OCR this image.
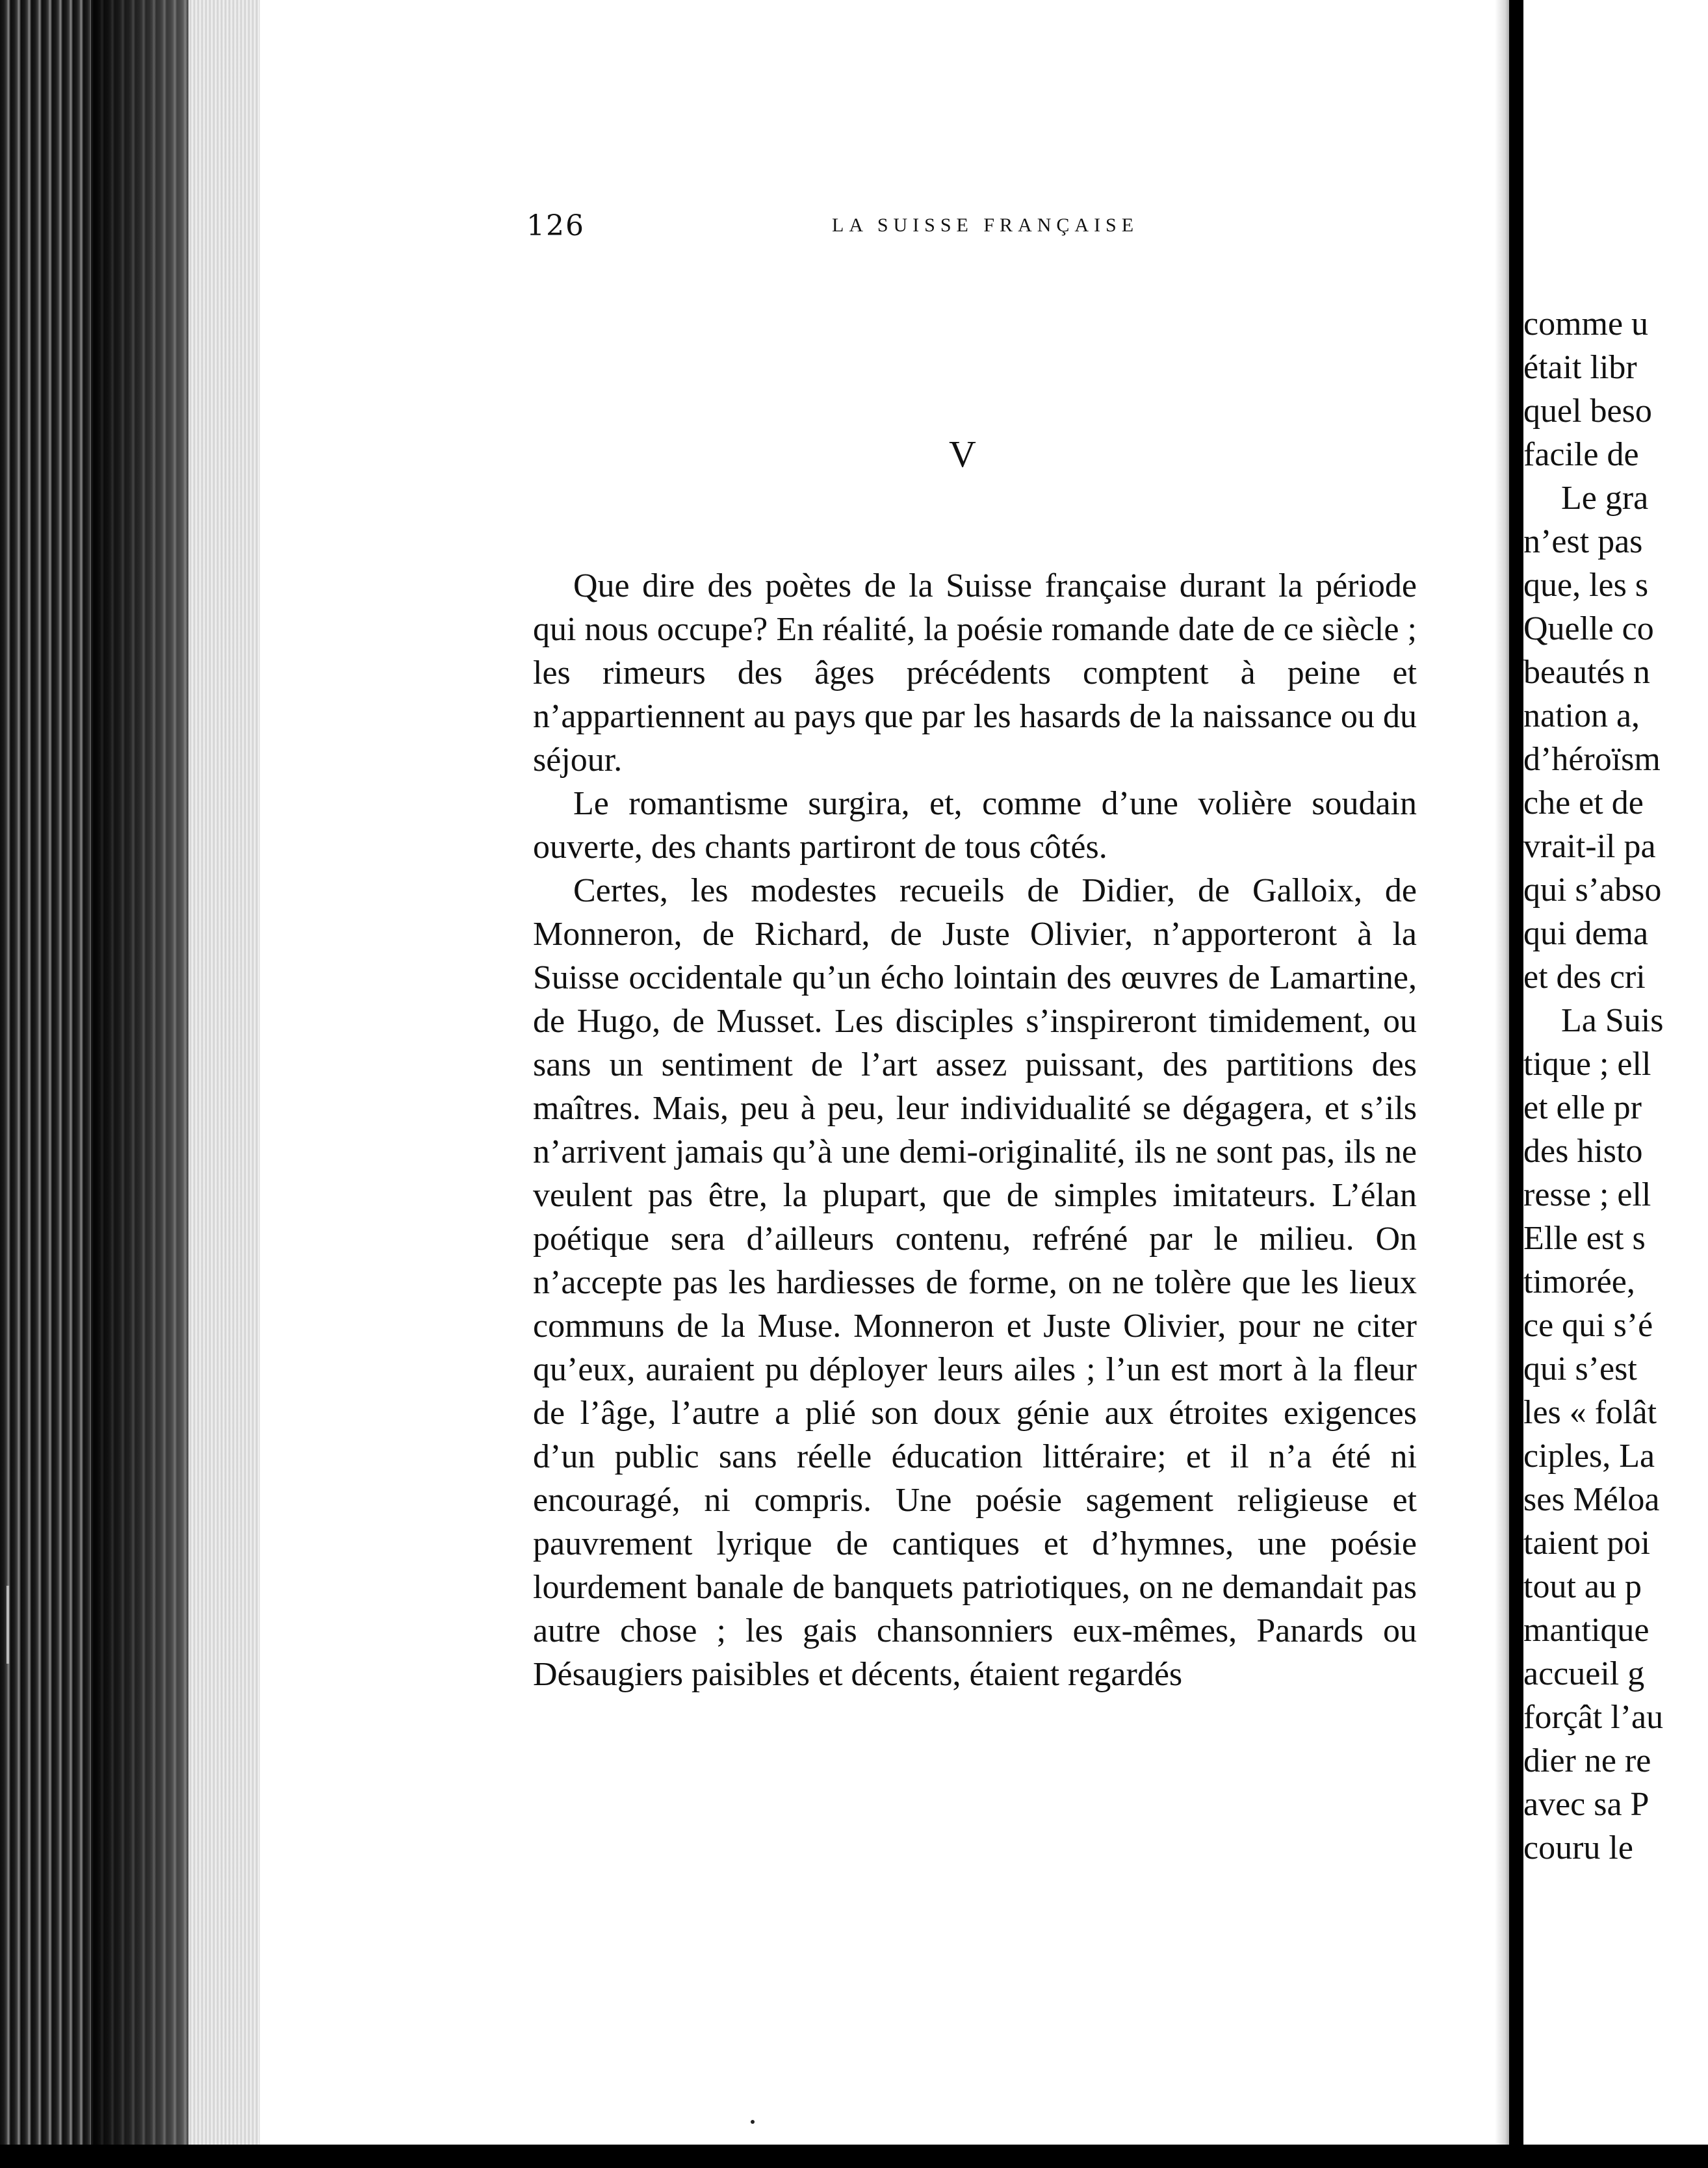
126	LA SUISSE FRANÇAISE
V

Que dire des poètes de la Suisse française durant la période qui nous occupe? En réalité, la poésie romande date de ce siècle ; les rimeurs des âges précédents comptent à peine et n’appartiennent au pays que par les hasards de la naissance ou du séjour.

Le romantisme surgira, et, comme d’une volière soudain ouverte, des chants partiront de tous côtés.

Certes, les modestes recueils de Didier, de Galloix, de Monneron, de Richard, de Juste Olivier, n’apporteront à la Suisse occidentale qu’un écho lointain des œuvres de Lamartine, de Hugo, de Musset. Les disciples s’inspireront timidement, ou sans un sentiment de l’art assez puissant, des partitions des maîtres. Mais, peu à peu, leur individualité se dégagera, et s’ils n’arrivent jamais qu’à une demi-originalité, ils ne sont pas, ils ne veulent pas être, la plupart, que de simples imitateurs. L’élan poétique sera d’ailleurs contenu, refréné par le milieu. On n’accepte pas les hardiesses de forme, on ne tolère que les lieux communs de la Muse. Monneron et Juste Olivier, pour ne citer qu’eux, auraient pu déployer leurs ailes ; l’un est mort à la fleur de l’âge, l’autre a plié son doux génie aux étroites exigences d’un public sans réelle éducation littéraire; et il n’a été ni encouragé, ni compris. Une poésie sagement religieuse et pauvrement lyrique de cantiques et d’hymnes, une poésie lourdement banale de banquets patriotiques, on ne demandait pas autre chose ; les gais chansonniers eux-mêmes, Panards ou Désaugiers paisibles et décents, étaient regardés

comme u
était libr
quel beso
facile de
Le gra
n’est pas
que, les s
Quelle co
beautés n
nation a,
d’héroïsm
che et de
vrait-il pa
qui s’abso
qui dema
et des cri
La Suis
tique ; ell
et elle pr
des histo
resse ; ell
Elle est s
timorée,
ce qui s’é
qui s’est
les « folât
ciples, La
ses Méloa
taient poi
tout au p
mantique
accueil g
forçât l’au
dier ne re
avec sa P
couru le
